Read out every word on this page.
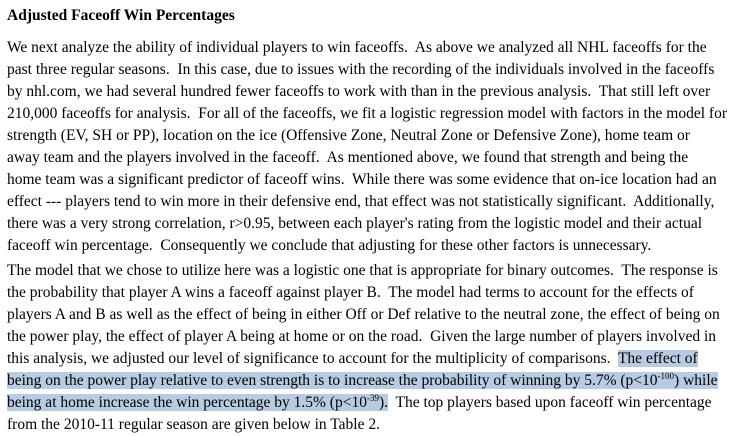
Adjusted Faceoff Win Percentages
We next analyze the ability of individual players to win faceoffs.  As above we analyzed all NHL faceoffs for the
past three regular seasons.  In this case, due to issues with the recording of the individuals involved in the faceoffs
by nhl.com, we had several hundred fewer faceoffs to work with than in the previous analysis.  That still left over
210,000 faceoffs for analysis.  For all of the faceoffs, we fit a logistic regression model with factors in the model for
strength (EV, SH or PP), location on the ice (Offensive Zone, Neutral Zone or Defensive Zone), home team or
away team and the players involved in the faceoff.  As mentioned above, we found that strength and being the
home team was a significant predictor of faceoff wins.  While there was some evidence that on-ice location had an
effect --- players tend to win more in their defensive end, that effect was not statistically significant.  Additionally,
there was a very strong correlation, r>0.95, between each player's rating from the logistic model and their actual
faceoff win percentage.  Consequently we conclude that adjusting for these other factors is unnecessary.
The model that we chose to utilize here was a logistic one that is appropriate for binary outcomes.  The response is
the probability that player A wins a faceoff against player B.  The model had terms to account for the effects of
players A and B as well as the effect of being in either Off or Def relative to the neutral zone, the effect of being on
the power play, the effect of player A being at home or on the road.  Given the large number of players involved in
this analysis, we adjusted our level of significance to account for the multiplicity of comparisons.  The effect of
being on the power play relative to even strength is to increase the probability of winning by 5.7% $(p<10^{-100})$ while
being at home increase the win percentage by 1.5% $(p<10^{-39})$.  The top players based upon faceoff win percentage
from the 2010-11 regular season are given below in Table 2.
